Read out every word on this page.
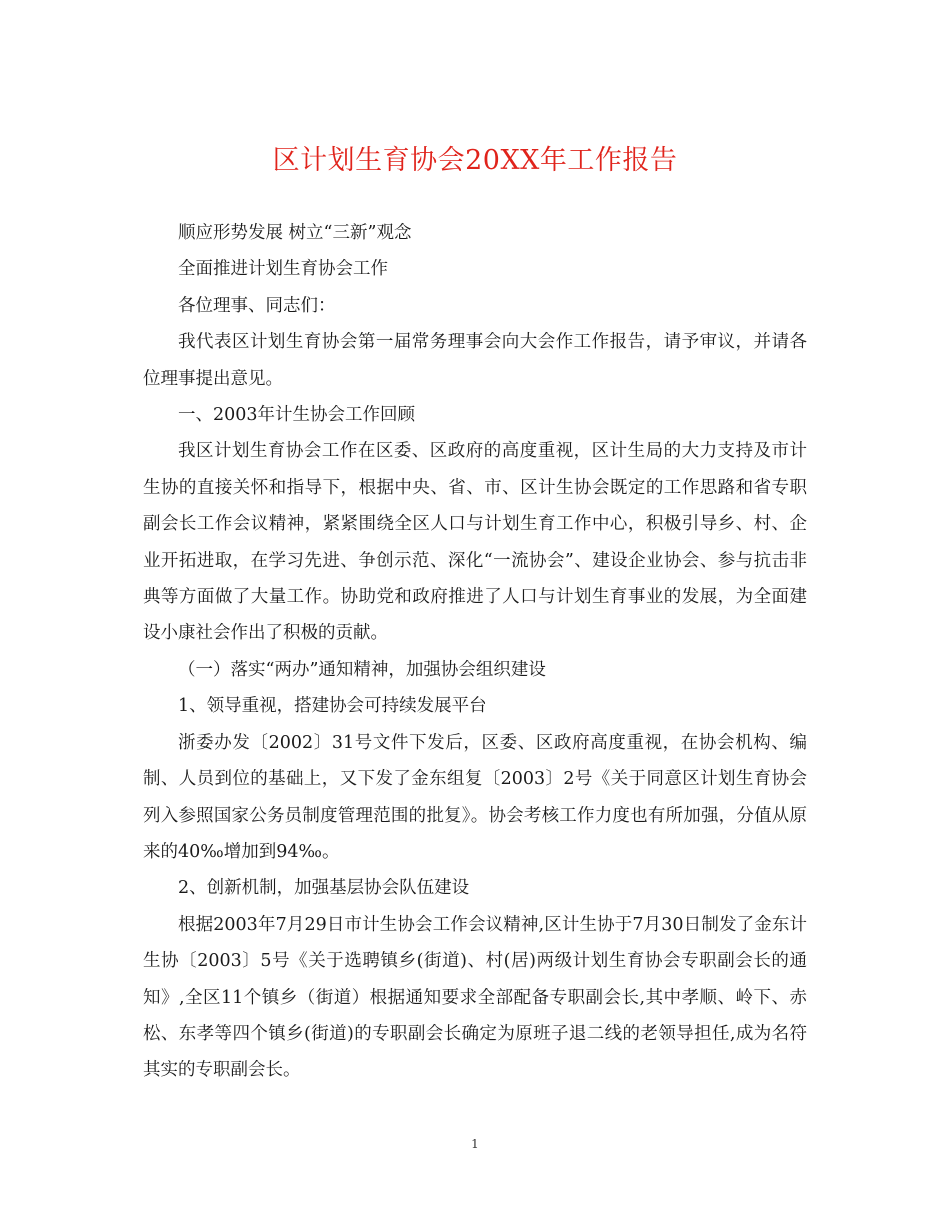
区计划生育协会20XX年工作报告

顺应形势发展 树立“三新”观念

全面推进计划生育协会工作

各位理事、同志们：

我代表区计划生育协会第一届常务理事会向大会作工作报告，请予审议，并请各位理事提出意见。

一、2003年计生协会工作回顾

我区计划生育协会工作在区委、区政府的高度重视，区计生局的大力支持及市计生协的直接关怀和指导下，根据中央、省、市、区计生协会既定的工作思路和省专职副会长工作会议精神，紧紧围绕全区人口与计划生育工作中心，积极引导乡、村、企业开拓进取，在学习先进、争创示范、深化“一流协会”、建设企业协会、参与抗击非典等方面做了大量工作。协助党和政府推进了人口与计划生育事业的发展，为全面建设小康社会作出了积极的贡献。

（一）落实“两办”通知精神，加强协会组织建设

1、领导重视，搭建协会可持续发展平台

浙委办发〔2002〕31号文件下发后，区委、区政府高度重视，在协会机构、编制、人员到位的基础上，又下发了金东组复〔2003〕2号《关于同意区计划生育协会列入参照国家公务员制度管理范围的批复》。协会考核工作力度也有所加强，分值从原来的40‰增加到94‰。

2、创新机制，加强基层协会队伍建设

根据2003年7月29日市计生协会工作会议精神,区计生协于7月30日制发了金东计生协〔2003〕5号《关于选聘镇乡(街道)、村(居)两级计划生育协会专职副会长的通知》,全区11个镇乡（街道）根据通知要求全部配备专职副会长,其中孝顺、岭下、赤松、东孝等四个镇乡(街道)的专职副会长确定为原班子退二线的老领导担任,成为名符其实的专职副会长。

1
